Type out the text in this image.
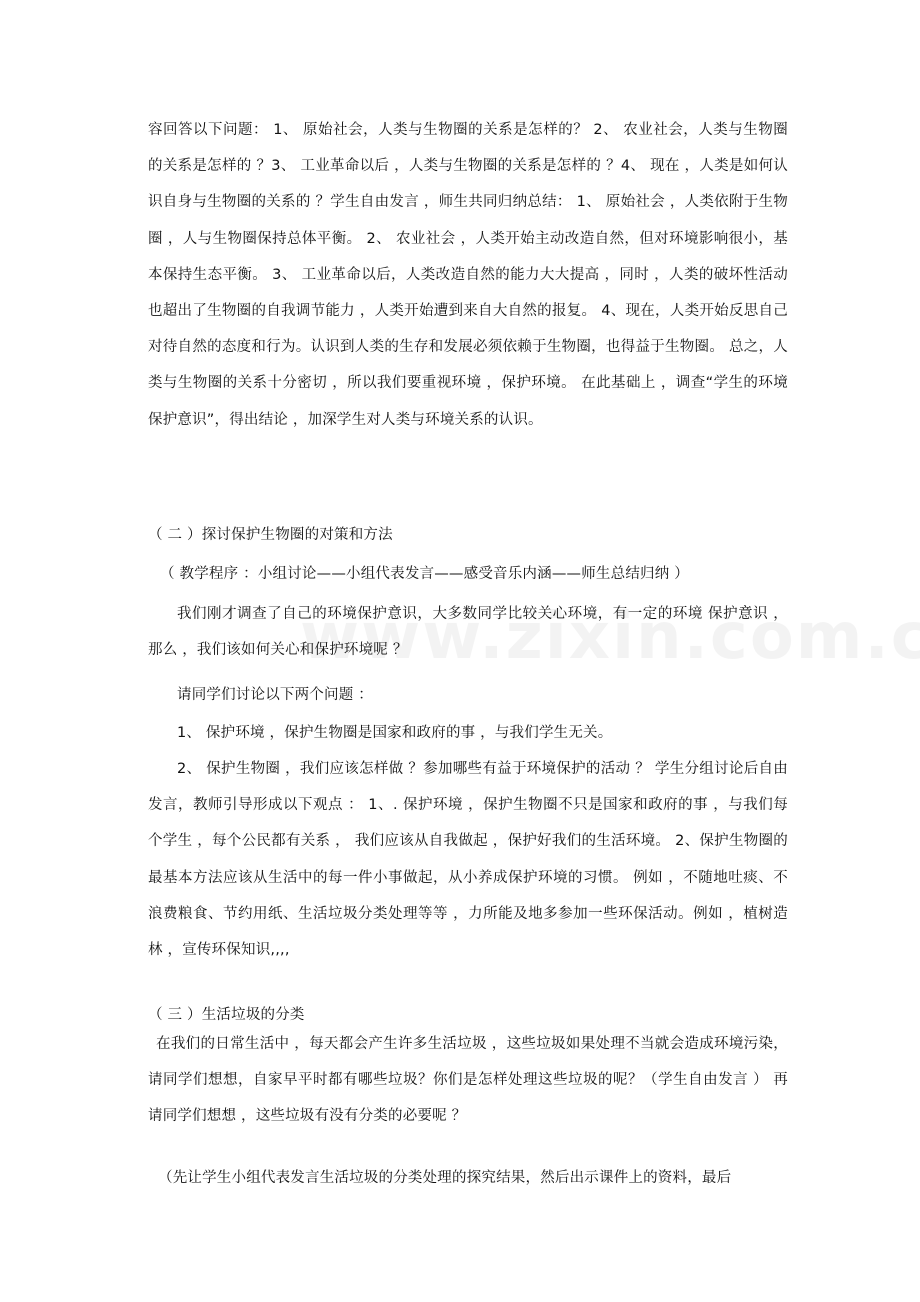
容回答以下问题： 1、 原始社会，人类与生物圈的关系是怎样的？ 2、 农业社会，人类与生物圈的关系是怎样的 ？3、 工业革命以后 ，人类与生物圈的关系是怎样的 ？4、 现在 ，人类是如何认识自身与生物圈的关系的 ？学生自由发言 ，师生共同归纳总结： 1、 原始社会 ，人类依附于生物圈 ，人与生物圈保持总体平衡。 2、 农业社会 ，人类开始主动改造自然，但对环境影响很小，基本保持生态平衡。 3、 工业革命以后，人类改造自然的能力大大提高 ，同时 ，人类的破坏性活动也超出了生物圈的自我调节能力 ，人类开始遭到来自大自然的报复。 4、现在，人类开始反思自己对待自然的态度和行为。认识到人类的生存和发展必须依赖于生物圈，也得益于生物圈。 总之，人类与生物圈的关系十分密切 ，所以我们要重视环境 ，保护环境。 在此基础上 ，调查“学生的环境保护意识”，得出结论 ，加深学生对人类与环境关系的认识。
（ 二 ）探讨保护生物圈的对策和方法
（ 教学程序 ：小组讨论——小组代表发言——感受音乐内涵——师生总结归纳 ）
我们刚才调查了自己的环境保护意识，大多数同学比较关心环境，有一定的环境 保护意识 ，那么 ，我们该如何关心和保护环境呢 ？
请同学们讨论以下两个问题 ：
1、 保护环境 ，保护生物圈是国家和政府的事 ，与我们学生无关。
2、 保护生物圈 ，我们应该怎样做 ？参加哪些有益于环境保护的活动 ？ 学生分组讨论后自由发言，教师引导形成以下观点 ： 1、. 保护环境 ，保护生物圈不只是国家和政府的事 ，与我们每个学生 ，每个公民都有关系 ， 我们应该从自我做起 ，保护好我们的生活环境。 2、保护生物圈的最基本方法应该从生活中的每一件小事做起，从小养成保护环境的习惯。 例如 ，不随地吐痰、不浪费粮食、节约用纸、生活垃圾分类处理等等 ，力所能及地多参加一些环保活动。例如 ，植树造林 ，宣传环保知识,,,,
（ 三 ）生活垃圾的分类
在我们的日常生活中 ，每天都会产生许多生活垃圾 ，这些垃圾如果处理不当就会造成环境污染，请同学们想想，自家早平时都有哪些垃圾？你们是怎样处理这些垃圾的呢？（学生自由发言 ） 再请同学们想想 ，这些垃圾有没有分类的必要呢 ？
（先让学生小组代表发言生活垃圾的分类处理的探究结果，然后出示课件上的资料，最后
